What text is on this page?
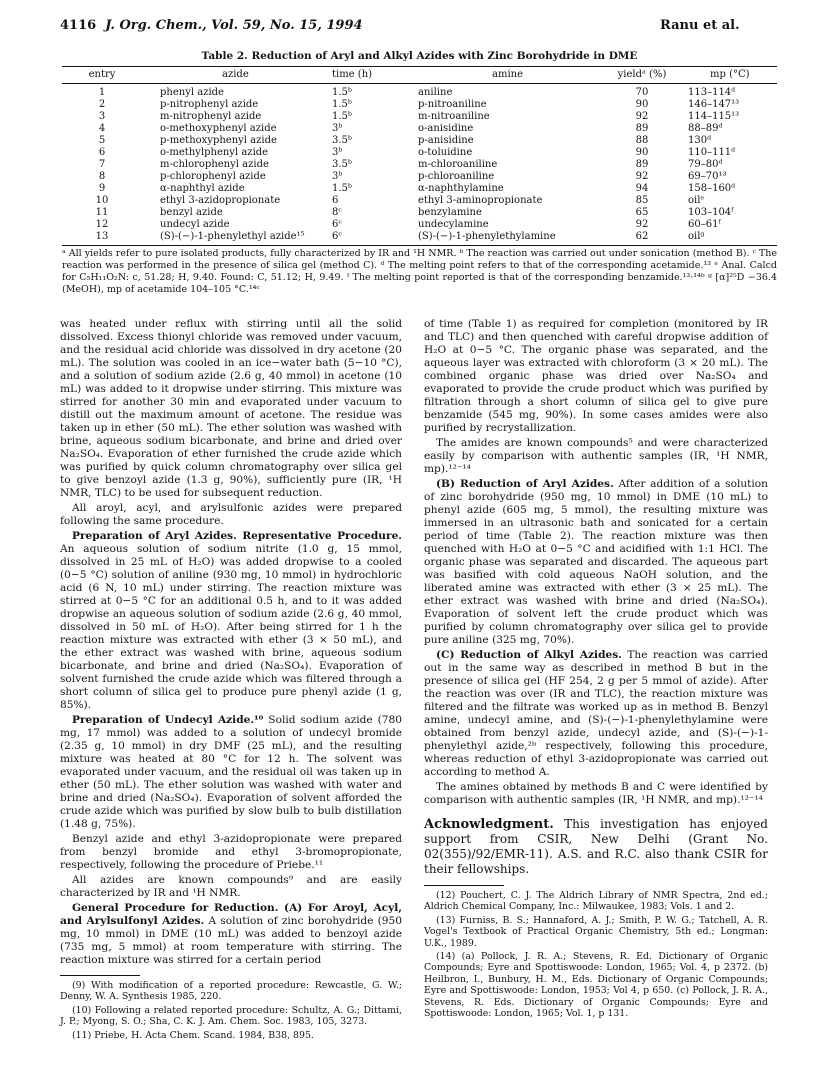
4116 J. Org. Chem., Vol. 59, No. 15, 1994	Ranu et al.
Table 2. Reduction of Aryl and Alkyl Azides with Zinc Borohydride in DME
entry	azide	time (h)	amine	yieldᵃ (%)	mp (°C)
1	phenyl azide	1.5ᵇ	aniline	70	113–114ᵈ
2	p-nitrophenyl azide	1.5ᵇ	p-nitroaniline	90	146–147¹³
3	m-nitrophenyl azide	1.5ᵇ	m-nitroaniline	92	114–115¹³
4	o-methoxyphenyl azide	3ᵇ	o-anisidine	89	88–89ᵈ
5	p-methoxyphenyl azide	3.5ᵇ	p-anisidine	88	130ᵈ
6	o-methylphenyl azide	3ᵇ	o-toluidine	90	110–111ᵈ
7	m-chlorophenyl azide	3.5ᵇ	m-chloroaniline	89	79–80ᵈ
8	p-chlorophenyl azide	3ᵇ	p-chloroaniline	92	69–70¹³
9	α-naphthyl azide	1.5ᵇ	α-naphthylamine	94	158–160ᵈ
10	ethyl 3-azidopropionate	6	ethyl 3-aminopropionate	85	oilᵉ
11	benzyl azide	8ᶜ	benzylamine	65	103–104ᶠ
12	undecyl azide	6ᶜ	undecylamine	92	60–61ᶠ
13	(S)-(−)-1-phenylethyl azide¹⁵	6ᶜ	(S)-(−)-1-phenylethylamine	62	oilᵍ
ᵃ All yields refer to pure isolated products, fully characterized by IR and ¹H NMR. ᵇ The reaction was carried out under sonication (method B). ᶜ The reaction was performed in the presence of silica gel (method C). ᵈ The melting point refers to that of the corresponding acetamide.¹³ ᵉ Anal. Calcd for C₅H₁₁O₂N: c, 51.28; H, 9.40. Found: C, 51.12; H, 9.49. ᶠ The melting point reported is that of the corresponding benzamide.¹³·¹⁴ᵇ ᵍ [α]²⁵D −36.4 (MeOH), mp of acetamide 104–105 °C.¹⁴ᶜ

was heated under reflux with stirring until all the solid dissolved. Excess thionyl chloride was removed under vacuum, and the residual acid chloride was dissolved in dry acetone (20 mL). The solution was cooled in an ice−water bath (5−10 °C), and a solution of sodium azide (2.6 g, 40 mmol) in acetone (10 mL) was added to it dropwise under stirring. This mixture was stirred for another 30 min and evaporated under vacuum to distill out the maximum amount of acetone. The residue was taken up in ether (50 mL). The ether solution was washed with brine, aqueous sodium bicarbonate, and brine and dried over Na₂SO₄. Evaporation of ether furnished the crude azide which was purified by quick column chromatography over silica gel to give benzoyl azide (1.3 g, 90%), sufficiently pure (IR, ¹H NMR, TLC) to be used for subsequent reduction.

All aroyl, acyl, and arylsulfonic azides were prepared following the same procedure.

Preparation of Aryl Azides. Representative Procedure. An aqueous solution of sodium nitrite (1.0 g, 15 mmol, dissolved in 25 mL of H₂O) was added dropwise to a cooled (0−5 °C) solution of aniline (930 mg, 10 mmol) in hydrochloric acid (6 N, 10 mL) under stirring. The reaction mixture was stirred at 0−5 °C for an additional 0.5 h, and to it was added dropwise an aqueous solution of sodium azide (2.6 g, 40 mmol, dissolved in 50 mL of H₂O). After being stirred for 1 h the reaction mixture was extracted with ether (3 × 50 mL), and the ether extract was washed with brine, aqueous sodium bicarbonate, and brine and dried (Na₂SO₄). Evaporation of solvent furnished the crude azide which was filtered through a short column of silica gel to produce pure phenyl azide (1 g, 85%).

Preparation of Undecyl Azide.¹⁰ Solid sodium azide (780 mg, 17 mmol) was added to a solution of undecyl bromide (2.35 g, 10 mmol) in dry DMF (25 mL), and the resulting mixture was heated at 80 °C for 12 h. The solvent was evaporated under vacuum, and the residual oil was taken up in ether (50 mL). The ether solution was washed with water and brine and dried (Na₂SO₄). Evaporation of solvent afforded the crude azide which was purified by slow bulb to bulb distillation (1.48 g, 75%).

Benzyl azide and ethyl 3-azidopropionate were prepared from benzyl bromide and ethyl 3-bromopropionate, respectively, following the procedure of Priebe.¹¹

All azides are known compounds⁹ and are easily characterized by IR and ¹H NMR.

General Procedure for Reduction. (A) For Aroyl, Acyl, and Arylsulfonyl Azides. A solution of zinc borohydride (950 mg, 10 mmol) in DME (10 mL) was added to benzoyl azide (735 mg, 5 mmol) at room temperature with stirring. The reaction mixture was stirred for a certain period

(9) With modification of a reported procedure: Rewcastle, G. W.; Denny, W. A. Synthesis 1985, 220.

(10) Following a related reported procedure: Schultz, A. G.; Dittami, J. P.; Myong, S. O.; Sha, C. K. J. Am. Chem. Soc. 1983, 105, 3273.

(11) Priebe, H. Acta Chem. Scand. 1984, B38, 895.

of time (Table 1) as required for completion (monitored by IR and TLC) and then quenched with careful dropwise addition of H₂O at 0−5 °C. The organic phase was separated, and the aqueous layer was extracted with chloroform (3 × 20 mL). The combined organic phase was dried over Na₂SO₄ and evaporated to provide the crude product which was purified by filtration through a short column of silica gel to give pure benzamide (545 mg, 90%). In some cases amides were also purified by recrystallization.

The amides are known compounds⁵ and were characterized easily by comparison with authentic samples (IR, ¹H NMR, mp).¹²⁻¹⁴

(B) Reduction of Aryl Azides. After addition of a solution of zinc borohydride (950 mg, 10 mmol) in DME (10 mL) to phenyl azide (605 mg, 5 mmol), the resulting mixture was immersed in an ultrasonic bath and sonicated for a certain period of time (Table 2). The reaction mixture was then quenched with H₂O at 0−5 °C and acidified with 1:1 HCl. The organic phase was separated and discarded. The aqueous part was basified with cold aqueous NaOH solution, and the liberated amine was extracted with ether (3 × 25 mL). The ether extract was washed with brine and dried (Na₂SO₄). Evaporation of solvent left the crude product which was purified by column chromatography over silica gel to provide pure aniline (325 mg, 70%).

(C) Reduction of Alkyl Azides. The reaction was carried out in the same way as described in method B but in the presence of silica gel (HF 254, 2 g per 5 mmol of azide). After the reaction was over (IR and TLC), the reaction mixture was filtered and the filtrate was worked up as in method B. Benzyl amine, undecyl amine, and (S)-(−)-1-phenylethylamine were obtained from benzyl azide, undecyl azide, and (S)-(−)-1-phenylethyl azide,²ᵇ respectively, following this procedure, whereas reduction of ethyl 3-azidopropionate was carried out according to method A.

The amines obtained by methods B and C were identified by comparison with authentic samples (IR, ¹H NMR, and mp).¹²⁻¹⁴

Acknowledgment. This investigation has enjoyed support from CSIR, New Delhi (Grant No. 02(355)/92/EMR-11). A.S. and R.C. also thank CSIR for their fellowships.

(12) Pouchert, C. J. The Aldrich Library of NMR Spectra, 2nd ed.; Aldrich Chemical Company, Inc.: Milwaukee, 1983; Vols. 1 and 2.

(13) Furniss, B. S.; Hannaford, A. J.; Smith, P. W. G.; Tatchell, A. R. Vogel's Textbook of Practical Organic Chemistry, 5th ed.; Longman: U.K., 1989.

(14) (a) Pollock, J. R. A.; Stevens, R. Ed. Dictionary of Organic Compounds; Eyre and Spottiswoode: London, 1965; Vol. 4, p 2372. (b) Heilbron, I., Bunbury, H. M., Eds. Dictionary of Organic Compounds; Eyre and Spottiswoode: London, 1953; Vol 4, p 650. (c) Pollock, J. R. A., Stevens, R. Eds. Dictionary of Organic Compounds; Eyre and Spottiswoode: London, 1965; Vol. 1, p 131.
